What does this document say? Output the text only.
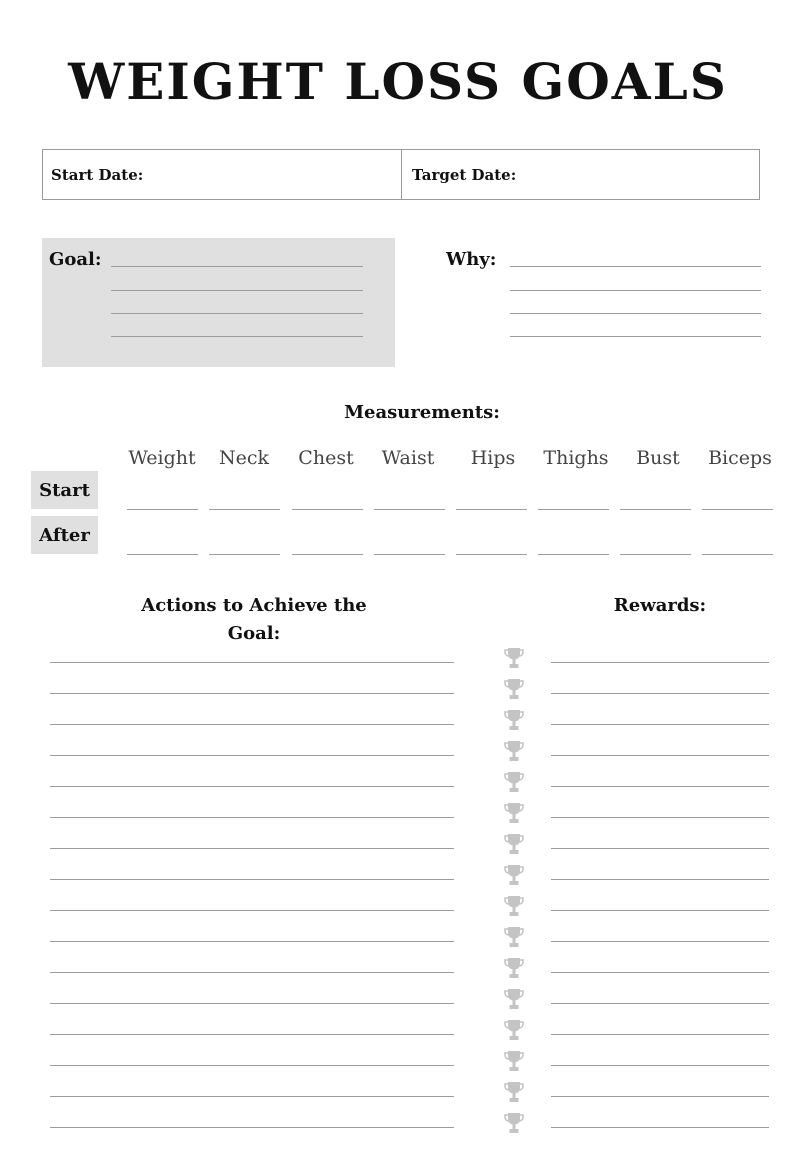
WEIGHT LOSS GOALS
Start Date:	Target Date:
Goal:	Why:
Measurements:
Weight	Neck	Chest	Waist	Hips	Thighs	Bust	Biceps
Start
After
Actions to Achieve the Goal:
Rewards:
